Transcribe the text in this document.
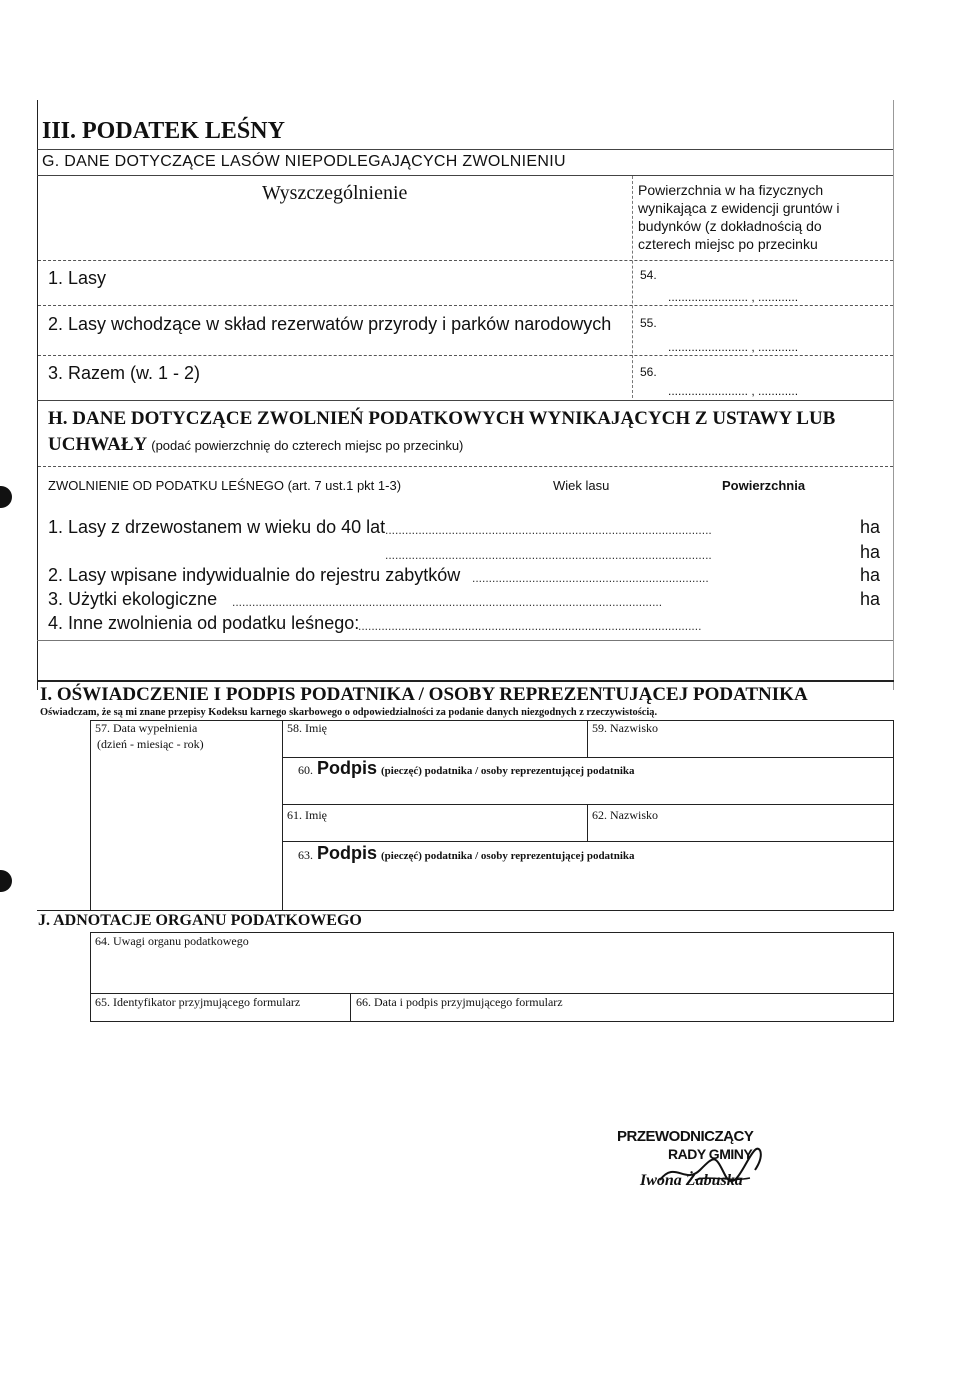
III. PODATEK LEŚNY
G. DANE DOTYCZĄCE LASÓW NIEPODLEGAJĄCYCH ZWOLNIENIU
Wyszczególnienie	Powierzchnia w ha fizycznych
wynikająca z ewidencji gruntów i
budynków (z dokładnością do
czterech miejsc po przecinku
1. Lasy	54.
........................ , ............
2. Lasy wchodzące w skład rezerwatów przyrody i parków narodowych 55.
........................ , ............
3. Razem (w. 1 - 2)	56.
........................ , ............
H. DANE DOTYCZĄCE ZWOLNIEŃ PODATKOWYCH WYNIKAJĄCYCH Z USTAWY LUB
UCHWAŁY (podać powierzchnię do czterech miejsc po przecinku)
ZWOLNIENIE OD PODATKU LEŚNEGO (art. 7 ust.1 pkt 1-3)	Wiek lasu	Powierzchnia
1. Lasy z drzewostanem w wieku do 40 lat ..................................................................................................	ha
..................................................................................................	ha
2. Lasy wpisane indywidualnie do rejestru zabytków .......................................................................	ha
3. Użytki ekologiczne .................................................................................................................................	ha
4. Inne zwolnienia od podatku leśnego:
.......................................................................................................
I. OŚWIADCZENIE I PODPIS PODATNIKA / OSOBY REPREZENTUJĄCEJ PODATNIKA
Oświadczam, że są mi znane przepisy Kodeksu karnego skarbowego o odpowiedzialności za podanie danych niezgodnych z rzeczywistością.
57. Data wypełnienia
(dzień - miesiąc - rok)
58. Imię	59. Nazwisko
60. Podpis (pieczęć) podatnika / osoby reprezentującej podatnika
61. Imię	62. Nazwisko
63. Podpis (pieczęć) podatnika / osoby reprezentującej podatnika
J. ADNOTACJE ORGANU PODATKOWEGO
64. Uwagi organu podatkowego
65. Identyfikator przyjmującego formularz	66. Data i podpis przyjmującego formularz
PRZEWODNICZĄCY
RADY GMINY
Iwona Żabuska
